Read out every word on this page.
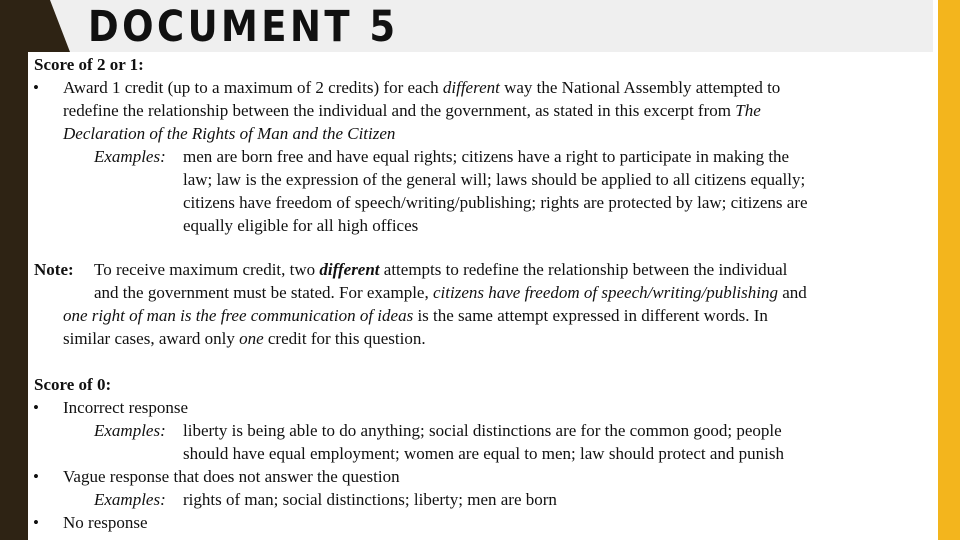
DOCUMENT 5
Score of 2 or 1:
• Award 1 credit (up to a maximum of 2 credits) for each different way the National Assembly attempted to
redefine the relationship between the individual and the government, as stated in this excerpt from The
Declaration of the Rights of Man and the Citizen
Examples: men are born free and have equal rights; citizens have a right to participate in making the
law; law is the expression of the general will; laws should be applied to all citizens equally;
citizens have freedom of speech/writing/publishing; rights are protected by law; citizens are
equally eligible for all high offices
Note: To receive maximum credit, two different attempts to redefine the relationship between the individual
and the government must be stated. For example, citizens have freedom of speech/writing/publishing and
one right of man is the free communication of ideas is the same attempt expressed in different words. In
similar cases, award only one credit for this question.
Score of 0:
• Incorrect response
Examples: liberty is being able to do anything; social distinctions are for the common good; people
should have equal employment; women are equal to men; law should protect and punish
• Vague response that does not answer the question
Examples: rights of man; social distinctions; liberty; men are born
• No response
